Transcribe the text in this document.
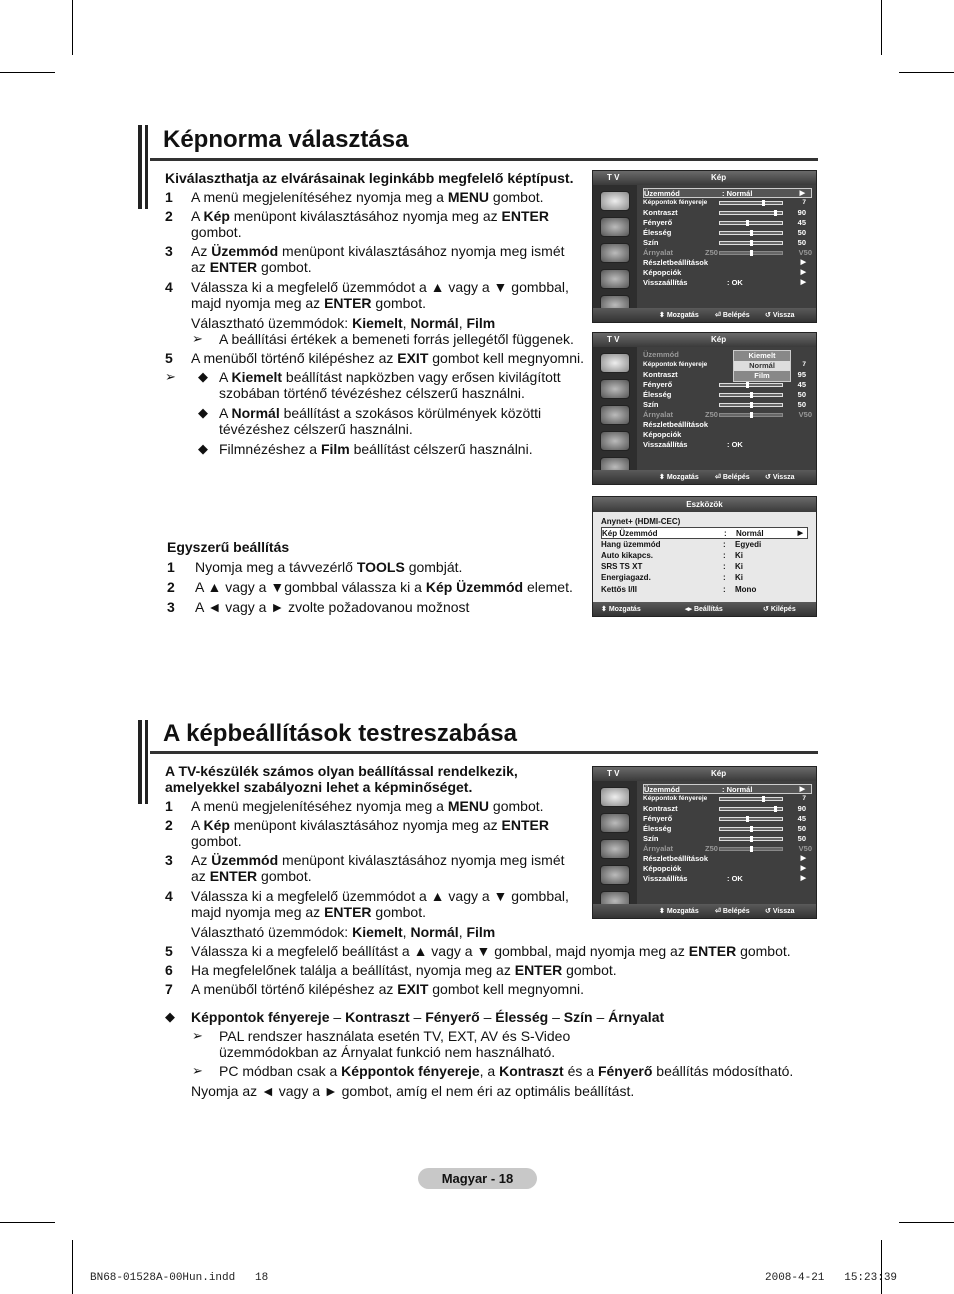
Képnorma választása
Kiválaszthatja az elvárásainak leginkább megfelelő képtípust.
1 A menü megjelenítéséhez nyomja meg a MENU gombot.
2 A Kép menüpont kiválasztásához nyomja meg az ENTER
gombot.
3 Az Üzemmód menüpont kiválasztásához nyomja meg ismét
az ENTER gombot.
4 Válassza ki a megfelelő üzemmódot a ▲ vagy a ▼ gombbal,
majd nyomja meg az ENTER gombot.
Választható üzemmódok: Kiemelt, Normál, Film
➢ A beállítási értékek a bemeneti forrás jellegétől függenek.
5 A menüből történő kilépéshez az EXIT gombot kell megnyomni.
➢ ◆ A Kiemelt beállítást napközben vagy erősen kivilágított
szobában történő tévézéshez célszerű használni.
◆ A Normál beállítást a szokásos körülmények közötti
tévézéshez célszerű használni.
◆ Filmnézéshez a Film beállítást célszerű használni.
Egyszerű beállítás
1 Nyomja meg a távvezérlő TOOLS gombját.
2 A ▲ vagy a ▼gombbal válassza ki a Kép Üzemmód elemet.
3 A ◄ vagy a ► zvolte požadovanou možnost
T V	Kép
Üzemmód	: Normál	▶
Képpontok fényereje	7
Kontraszt	90
Fényerő	45
Élesség	50
Szín	50
Árnyalat	Z50	V50
Részletbeállítások	▶
Képopciók	▶
Visszaállítás	: OK	▶
⬍ Mozgatás ⏎ Belépés ↺ Vissza
T V	Kép
Üzemmód
Képpontok fényereje	7
Kontraszt	95
Fényerő	45
Élesség	50
Szín	50
Árnyalat	Z50	V50
Részletbeállítások
Képopciók
Visszaállítás	: OK
Kiemelt
Normál
Film
⬍ Mozgatás ⏎ Belépés ↺ Vissza
Eszközök
Anynet+ (HDMI-CEC)
Kép Üzemmód	: Normál	▶
Hang üzemmód	: Egyedi
Auto kikapcs.	: Ki
SRS TS XT	: Ki
Energiagazd.	: Ki
Kettős I/II	: Mono
⬍ Mozgatás	◂▸ Beállítás	↺ Kilépés
A képbeállítások testreszabása
A TV-készülék számos olyan beállítással rendelkezik,
amelyekkel szabályozni lehet a képminőséget.
1 A menü megjelenítéséhez nyomja meg a MENU gombot.
2 A Kép menüpont kiválasztásához nyomja meg az ENTER
gombot.
3 Az Üzemmód menüpont kiválasztásához nyomja meg ismét
az ENTER gombot.
4 Válassza ki a megfelelő üzemmódot a ▲ vagy a ▼ gombbal,
majd nyomja meg az ENTER gombot.
Választható üzemmódok: Kiemelt, Normál, Film
5 Válassza ki a megfelelő beállítást a ▲ vagy a ▼ gombbal, majd nyomja meg az ENTER gombot.
6 Ha megfelelőnek találja a beállítást, nyomja meg az ENTER gombot.
7 A menüből történő kilépéshez az EXIT gombot kell megnyomni.
◆ Képpontok fényereje – Kontraszt – Fényerő – Élesség – Szín – Árnyalat
➢ PAL rendszer használata esetén TV, EXT, AV és S-Video
üzemmódokban az Árnyalat funkció nem használható.
➢ PC módban csak a Képpontok fényereje, a Kontraszt és a Fényerő beállítás módosítható.
Nyomja az ◄ vagy a ► gombot, amíg el nem éri az optimális beállítást.
T V	Kép
Üzemmód	: Normál	▶
Képpontok fényereje	7
Kontraszt	90
Fényerő	45
Élesség	50
Szín	50
Árnyalat	Z50	V50
Részletbeállítások	▶
Képopciók	▶
Visszaállítás	: OK	▶
⬍ Mozgatás ⏎ Belépés ↺ Vissza
Magyar - 18
BN68-01528A-00Hun.indd   18	2008-4-21   15:23:39
